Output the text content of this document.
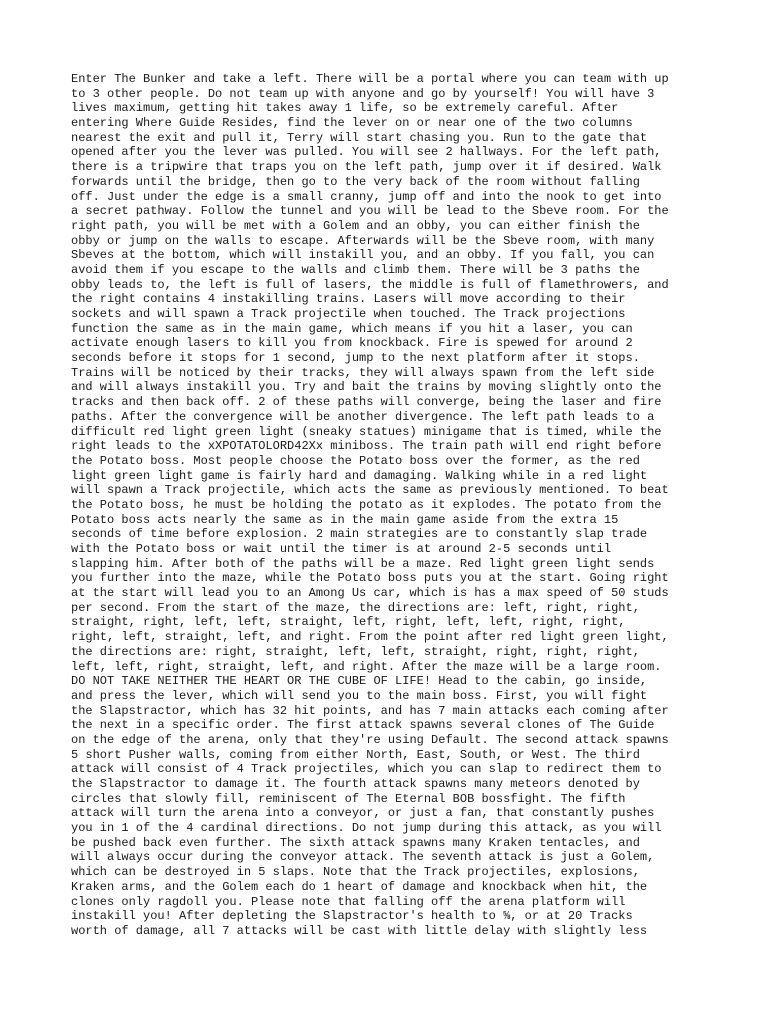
Enter The Bunker and take a left. There will be a portal where you can team with up
to 3 other people. Do not team up with anyone and go by yourself! You will have 3
lives maximum, getting hit takes away 1 life, so be extremely careful. After
entering Where Guide Resides, find the lever on or near one of the two columns
nearest the exit and pull it, Terry will start chasing you. Run to the gate that
opened after you the lever was pulled. You will see 2 hallways. For the left path,
there is a tripwire that traps you on the left path, jump over it if desired. Walk
forwards until the bridge, then go to the very back of the room without falling
off. Just under the edge is a small cranny, jump off and into the nook to get into
a secret pathway. Follow the tunnel and you will be lead to the Sbeve room. For the
right path, you will be met with a Golem and an obby, you can either finish the
obby or jump on the walls to escape. Afterwards will be the Sbeve room, with many
Sbeves at the bottom, which will instakill you, and an obby. If you fall, you can
avoid them if you escape to the walls and climb them. There will be 3 paths the
obby leads to, the left is full of lasers, the middle is full of flamethrowers, and
the right contains 4 instakilling trains. Lasers will move according to their
sockets and will spawn a Track projectile when touched. The Track projections
function the same as in the main game, which means if you hit a laser, you can
activate enough lasers to kill you from knockback. Fire is spewed for around 2
seconds before it stops for 1 second, jump to the next platform after it stops.
Trains will be noticed by their tracks, they will always spawn from the left side
and will always instakill you. Try and bait the trains by moving slightly onto the
tracks and then back off. 2 of these paths will converge, being the laser and fire
paths. After the convergence will be another divergence. The left path leads to a
difficult red light green light (sneaky statues) minigame that is timed, while the
right leads to the xXPOTATOLORD42Xx miniboss. The train path will end right before
the Potato boss. Most people choose the Potato boss over the former, as the red
light green light game is fairly hard and damaging. Walking while in a red light
will spawn a Track projectile, which acts the same as previously mentioned. To beat
the Potato boss, he must be holding the potato as it explodes. The potato from the
Potato boss acts nearly the same as in the main game aside from the extra 15
seconds of time before explosion. 2 main strategies are to constantly slap trade
with the Potato boss or wait until the timer is at around 2-5 seconds until
slapping him. After both of the paths will be a maze. Red light green light sends
you further into the maze, while the Potato boss puts you at the start. Going right
at the start will lead you to an Among Us car, which is has a max speed of 50 studs
per second. From the start of the maze, the directions are: left, right, right,
straight, right, left, left, straight, left, right, left, left, right, right,
right, left, straight, left, and right. From the point after red light green light,
the directions are: right, straight, left, left, straight, right, right, right,
left, left, right, straight, left, and right. After the maze will be a large room.
DO NOT TAKE NEITHER THE HEART OR THE CUBE OF LIFE! Head to the cabin, go inside,
and press the lever, which will send you to the main boss. First, you will fight
the Slapstractor, which has 32 hit points, and has 7 main attacks each coming after
the next in a specific order. The first attack spawns several clones of The Guide
on the edge of the arena, only that they're using Default. The second attack spawns
5 short Pusher walls, coming from either North, East, South, or West. The third
attack will consist of 4 Track projectiles, which you can slap to redirect them to
the Slapstractor to damage it. The fourth attack spawns many meteors denoted by
circles that slowly fill, reminiscent of The Eternal BOB bossfight. The fifth
attack will turn the arena into a conveyor, or just a fan, that constantly pushes
you in 1 of the 4 cardinal directions. Do not jump during this attack, as you will
be pushed back even further. The sixth attack spawns many Kraken tentacles, and
will always occur during the conveyor attack. The seventh attack is just a Golem,
which can be destroyed in 5 slaps. Note that the Track projectiles, explosions,
Kraken arms, and the Golem each do 1 heart of damage and knockback when hit, the
clones only ragdoll you. Please note that falling off the arena platform will
instakill you! After depleting the Slapstractor's health to ⅝, or at 20 Tracks
worth of damage, all 7 attacks will be cast with little delay with slightly less
